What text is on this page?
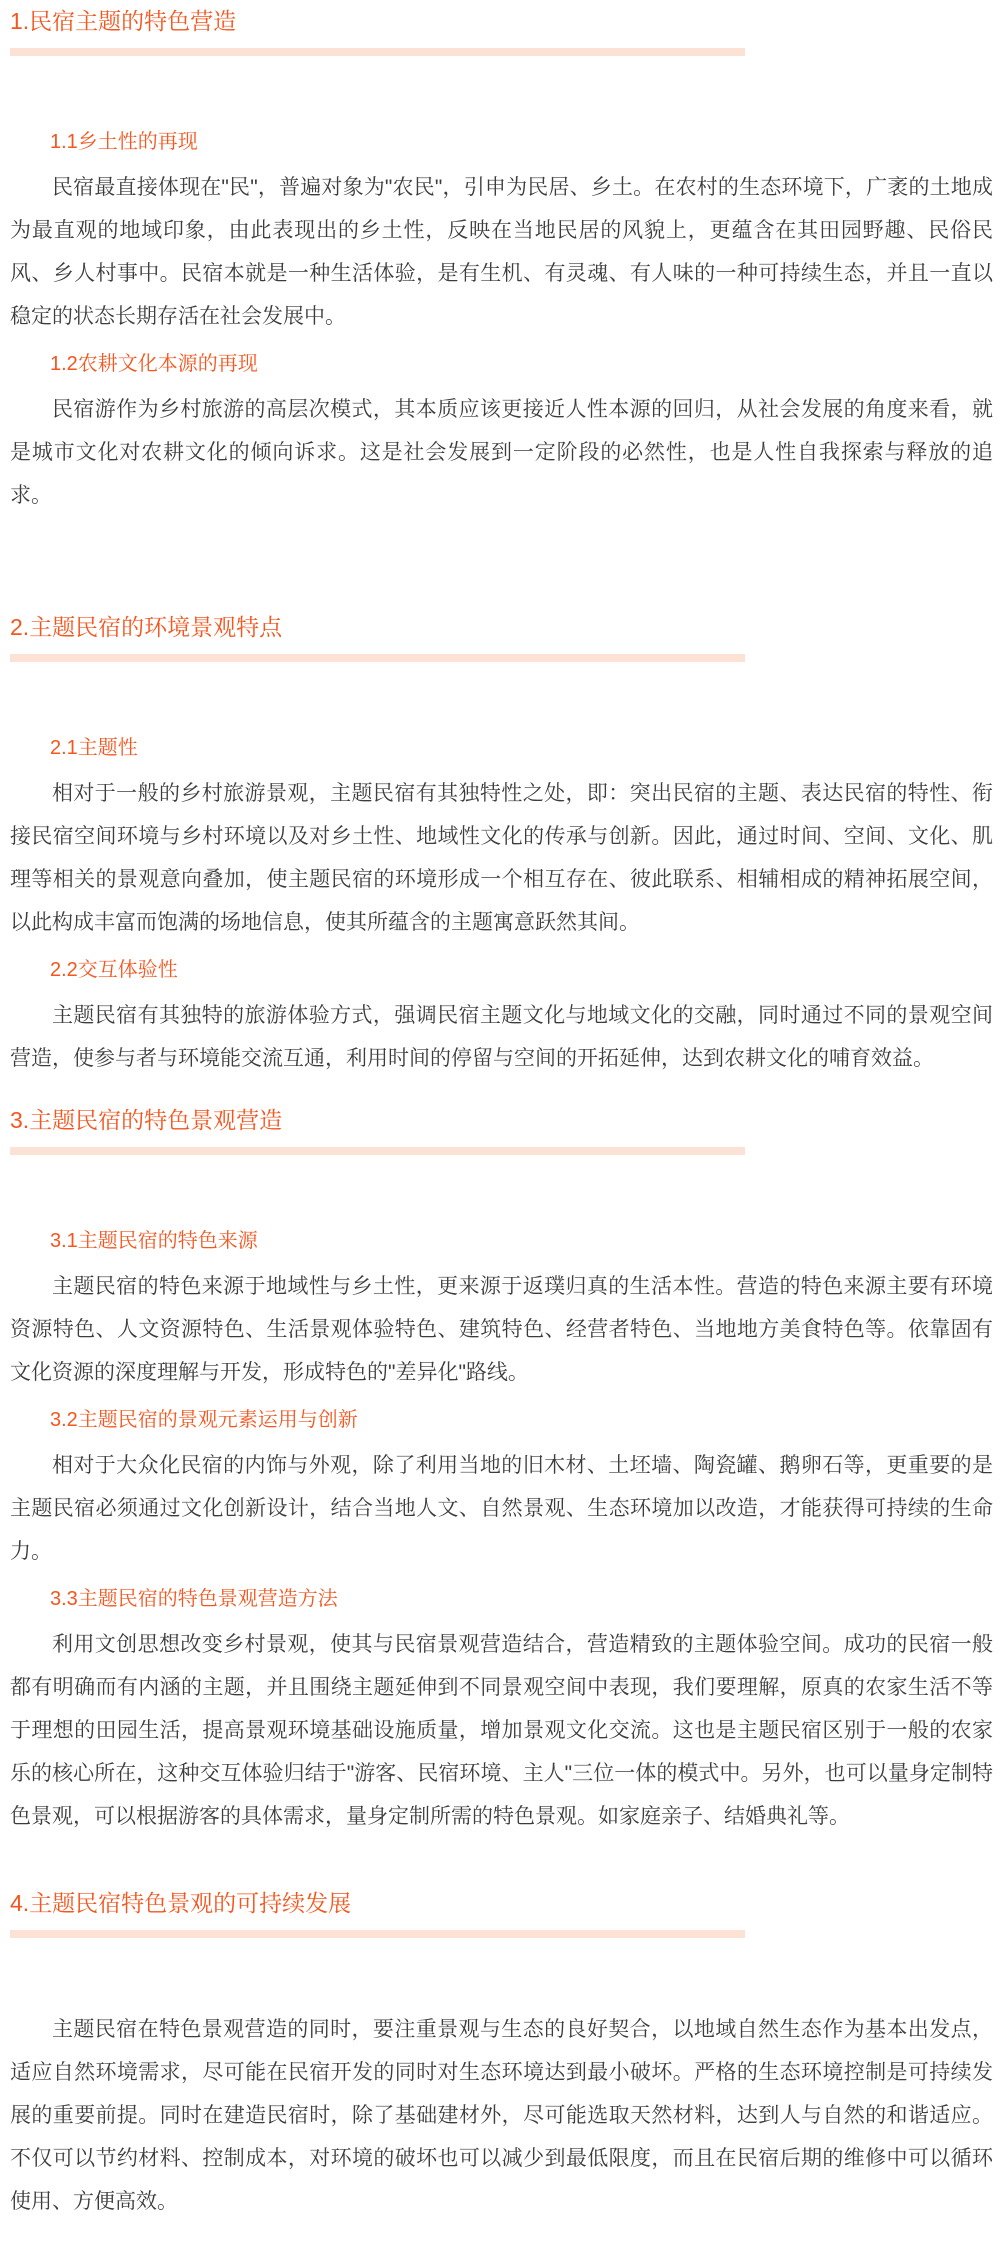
1.民宿主题的特色营造
1.1乡土性的再现

民宿最直接体现在"民"，普遍对象为"农民"，引申为民居、乡土。在农村的生态环境下，广袤的土地成为最直观的地域印象，由此表现出的乡土性，反映在当地民居的风貌上，更蕴含在其田园野趣、民俗民风、乡人村事中。民宿本就是一种生活体验，是有生机、有灵魂、有人味的一种可持续生态，并且一直以稳定的状态长期存活在社会发展中。

1.2农耕文化本源的再现

民宿游作为乡村旅游的高层次模式，其本质应该更接近人性本源的回归，从社会发展的角度来看，就是城市文化对农耕文化的倾向诉求。这是社会发展到一定阶段的必然性，也是人性自我探索与释放的追求。

2.主题民宿的环境景观特点
2.1主题性

相对于一般的乡村旅游景观，主题民宿有其独特性之处，即：突出民宿的主题、表达民宿的特性、衔接民宿空间环境与乡村环境以及对乡土性、地域性文化的传承与创新。因此，通过时间、空间、文化、肌理等相关的景观意向叠加，使主题民宿的环境形成一个相互存在、彼此联系、相辅相成的精神拓展空间，以此构成丰富而饱满的场地信息，使其所蕴含的主题寓意跃然其间。

2.2交互体验性

主题民宿有其独特的旅游体验方式，强调民宿主题文化与地域文化的交融，同时通过不同的景观空间营造，使参与者与环境能交流互通，利用时间的停留与空间的开拓延伸，达到农耕文化的哺育效益。

3.主题民宿的特色景观营造
3.1主题民宿的特色来源

主题民宿的特色来源于地域性与乡土性，更来源于返璞归真的生活本性。营造的特色来源主要有环境资源特色、人文资源特色、生活景观体验特色、建筑特色、经营者特色、当地地方美食特色等。依靠固有文化资源的深度理解与开发，形成特色的"差异化"路线。

3.2主题民宿的景观元素运用与创新

相对于大众化民宿的内饰与外观，除了利用当地的旧木材、土坯墙、陶瓷罐、鹅卵石等，更重要的是主题民宿必须通过文化创新设计，结合当地人文、自然景观、生态环境加以改造，才能获得可持续的生命力。

3.3主题民宿的特色景观营造方法

利用文创思想改变乡村景观，使其与民宿景观营造结合，营造精致的主题体验空间。成功的民宿一般都有明确而有内涵的主题，并且围绕主题延伸到不同景观空间中表现，我们要理解，原真的农家生活不等于理想的田园生活，提高景观环境基础设施质量，增加景观文化交流。这也是主题民宿区别于一般的农家乐的核心所在，这种交互体验归结于"游客、民宿环境、主人"三位一体的模式中。另外，也可以量身定制特色景观，可以根据游客的具体需求，量身定制所需的特色景观。如家庭亲子、结婚典礼等。

4.主题民宿特色景观的可持续发展

主题民宿在特色景观营造的同时，要注重景观与生态的良好契合，以地域自然生态作为基本出发点，适应自然环境需求，尽可能在民宿开发的同时对生态环境达到最小破坏。严格的生态环境控制是可持续发展的重要前提。同时在建造民宿时，除了基础建材外，尽可能选取天然材料，达到人与自然的和谐适应。不仅可以节约材料、控制成本，对环境的破坏也可以减少到最低限度，而且在民宿后期的维修中可以循环使用、方便高效。
